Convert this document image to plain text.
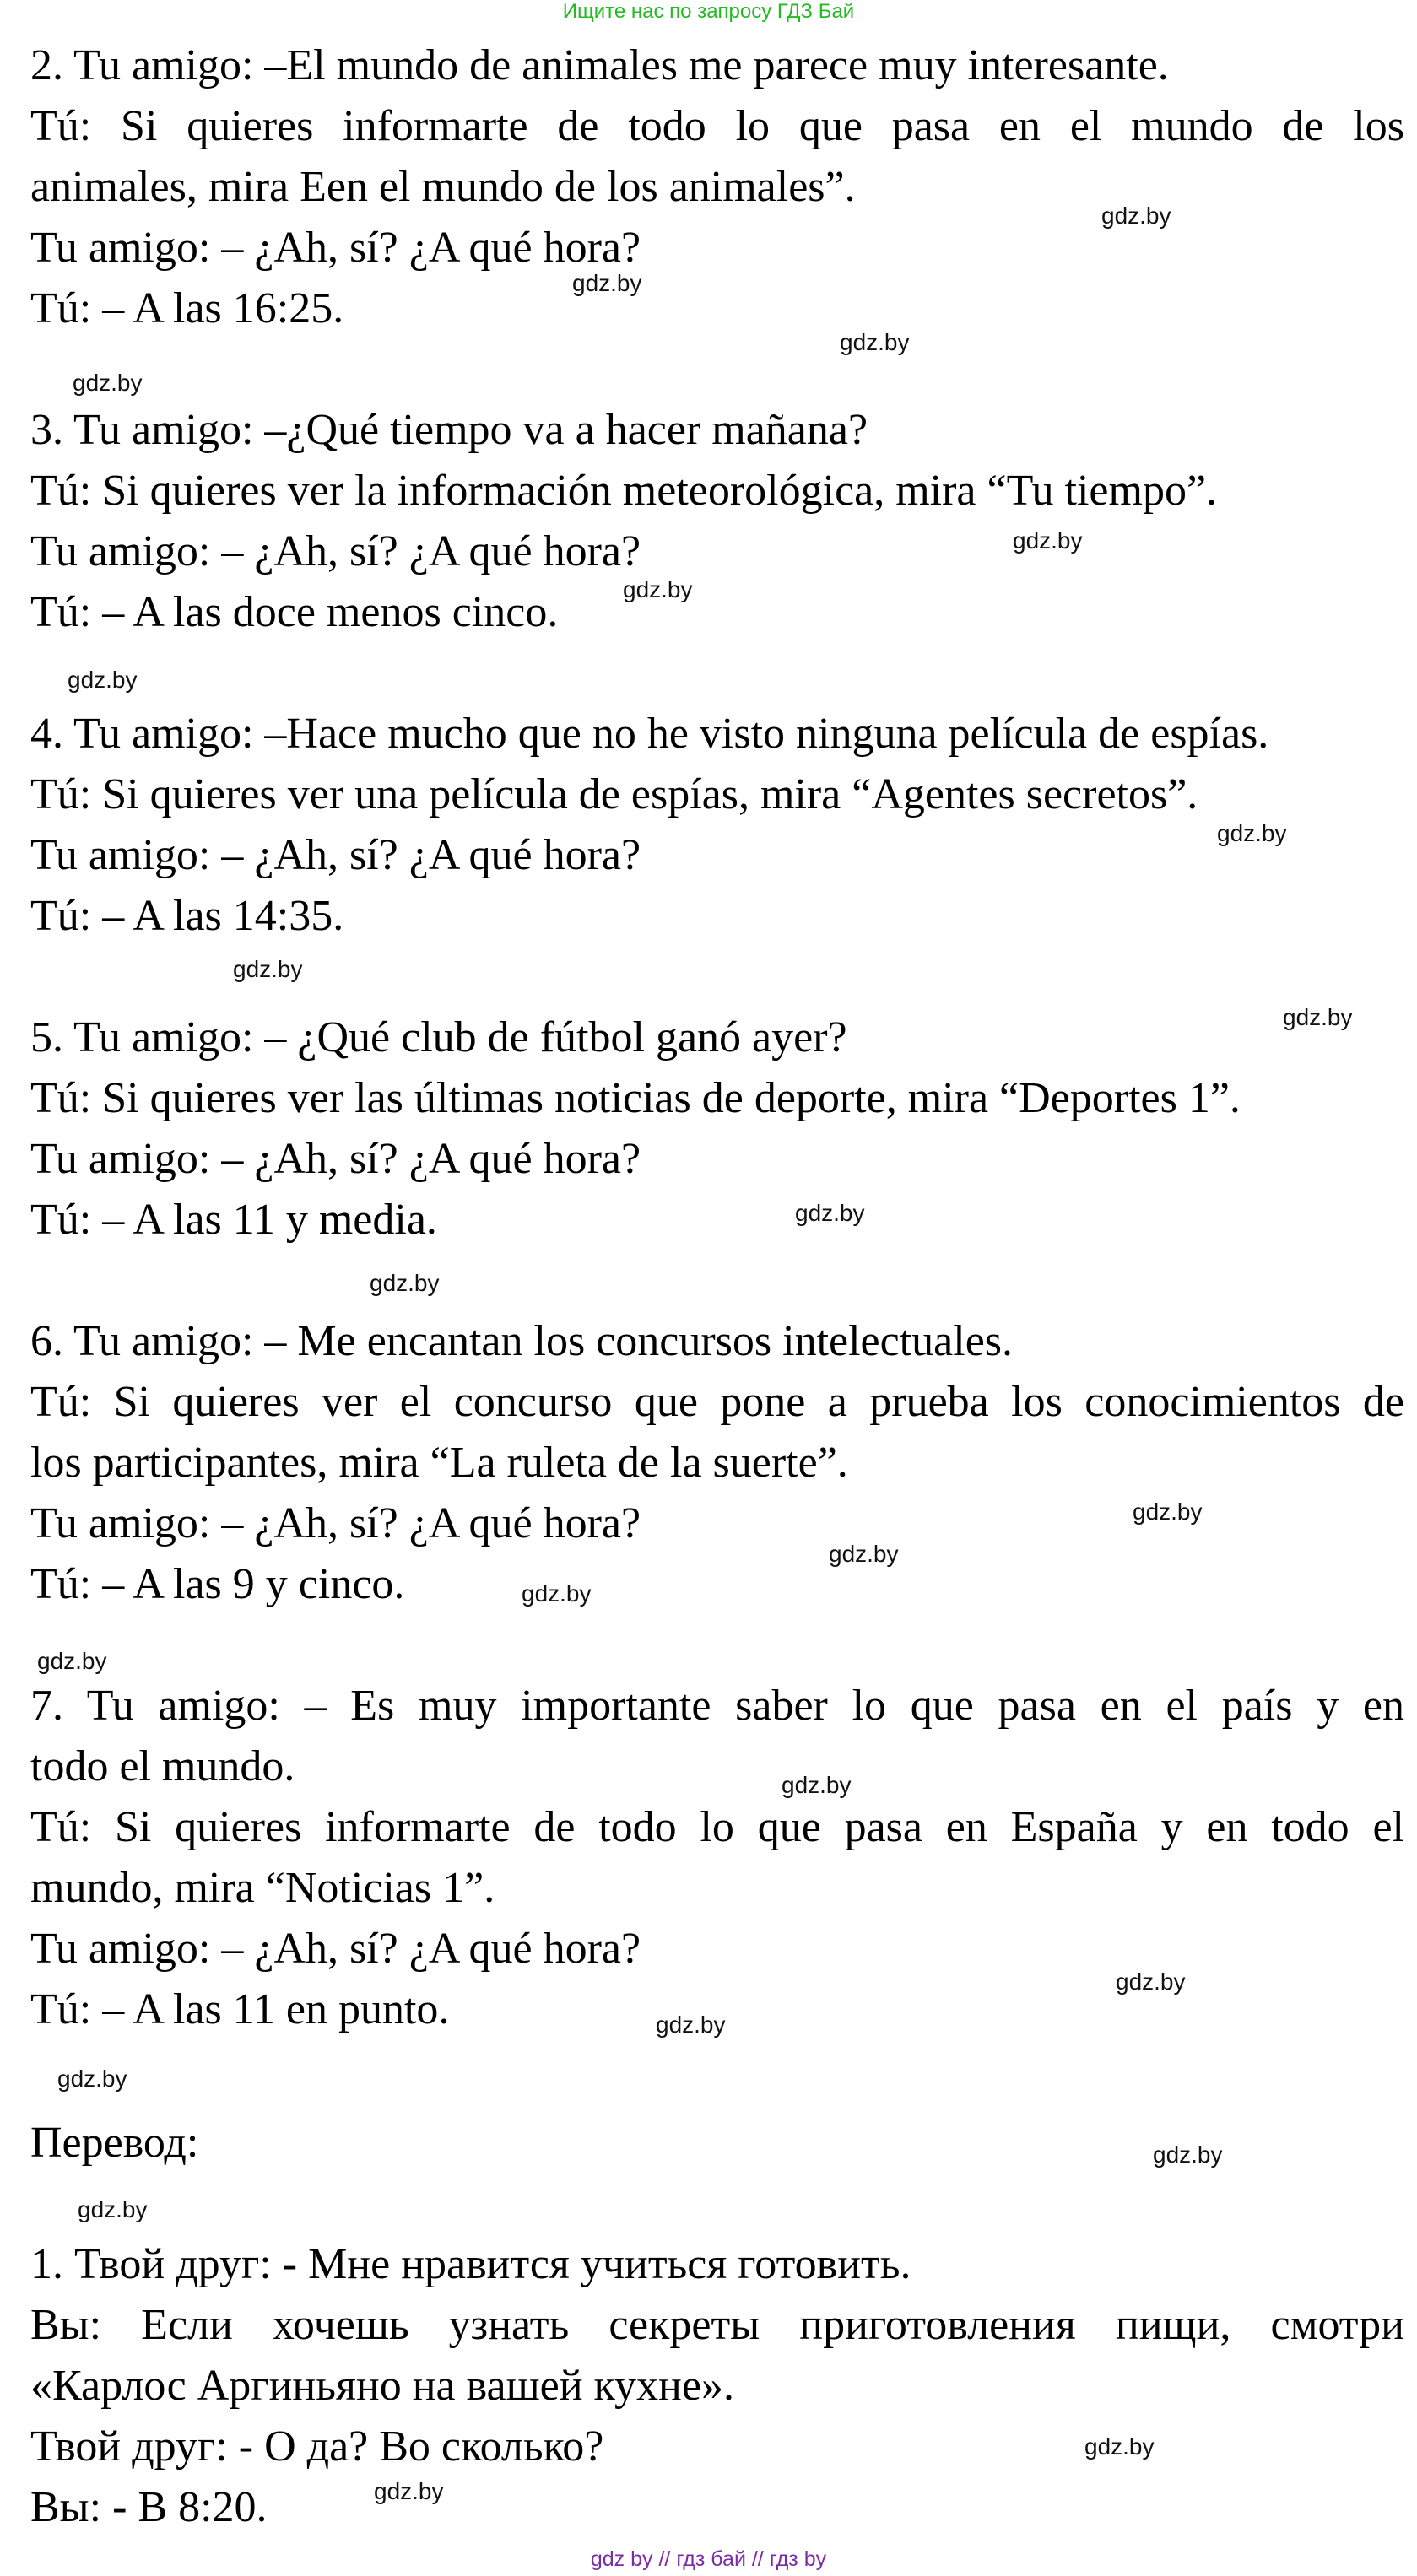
Ищите нас по запросу ГДЗ Бай
2. Tu amigo: –El mundo de animales me parece muy interesante.
Tú: Si quieres informarte de todo lo que pasa en el mundo de los
animales, mira Een el mundo de los animales”.
Tu amigo: – ¿Ah, sí? ¿A qué hora?
Tú: – A las 16:25.
3. Tu amigo: –¿Qué tiempo va a hacer mañana?
Tú: Si quieres ver la información meteorológica, mira “Tu tiempo”.
Tu amigo: – ¿Ah, sí? ¿A qué hora?
Tú: – A las doce menos cinco.
4. Tu amigo: –Hace mucho que no he visto ninguna película de espías.
Tú: Si quieres ver una película de espías, mira “Agentes secretos”.
Tu amigo: – ¿Ah, sí? ¿A qué hora?
Tú: – A las 14:35.
5. Tu amigo: – ¿Qué club de fútbol ganó ayer?
Tú: Si quieres ver las últimas noticias de deporte, mira “Deportes 1”.
Tu amigo: – ¿Ah, sí? ¿A qué hora?
Tú: – A las 11 y media.
6. Tu amigo: – Me encantan los concursos intelectuales.
Tú: Si quieres ver el concurso que pone a prueba los conocimientos de
los participantes, mira “La ruleta de la suerte”.
Tu amigo: – ¿Ah, sí? ¿A qué hora?
Tú: – A las 9 y cinco.
7. Tu amigo: – Es muy importante saber lo que pasa en el país y en
todo el mundo.
Tú: Si quieres informarte de todo lo que pasa en España y en todo el
mundo, mira “Noticias 1”.
Tu amigo: – ¿Ah, sí? ¿A qué hora?
Tú: – A las 11 en punto.
Перевод:
1. Твой друг: - Мне нравится учиться готовить.
Вы: Если хочешь узнать секреты приготовления пищи, смотри
«Карлос Аргиньяно на вашей кухне».
Твой друг: - О да? Во сколько?
Вы: - В 8:20.
gdz.by
gdz.by
gdz.by
gdz.by
gdz.by
gdz.by
gdz.by
gdz.by
gdz.by
gdz.by
gdz.by
gdz.by
gdz.by
gdz.by
gdz.by
gdz.by
gdz.by
gdz.by
gdz.by
gdz.by
gdz.by
gdz.by
gdz.by
gdz.by
gdz by // гдз бай // гдз by
